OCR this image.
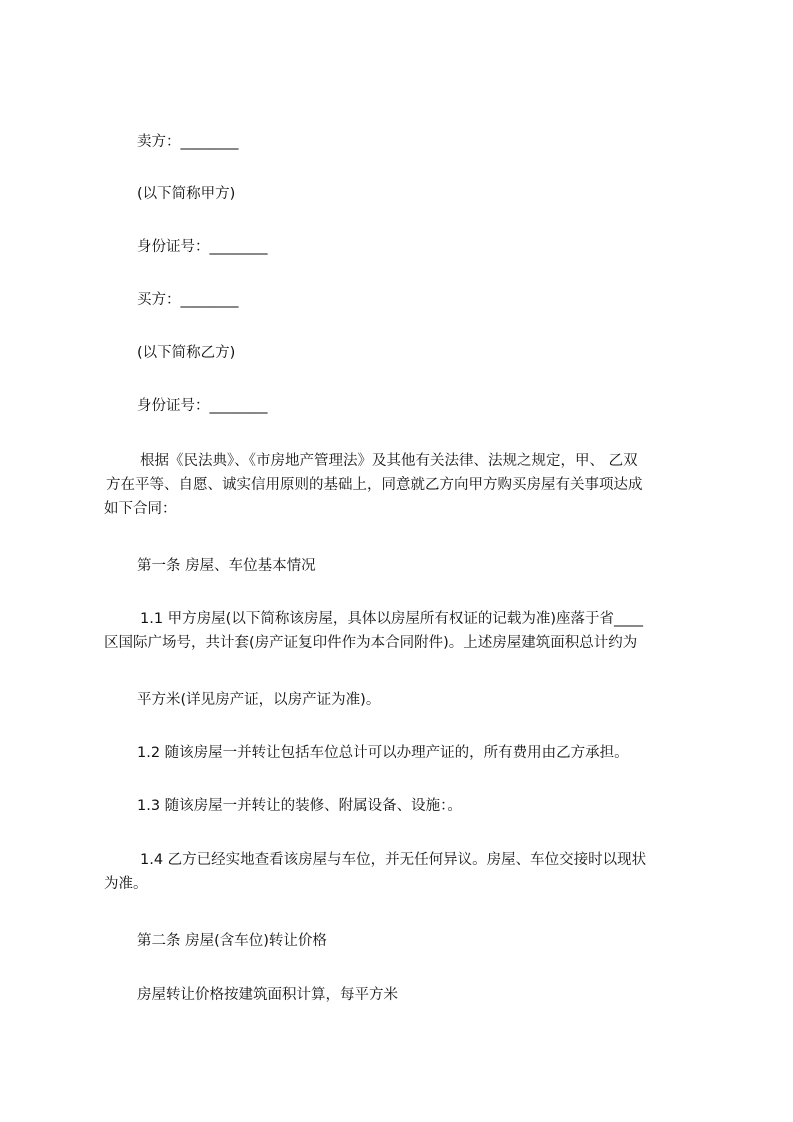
卖方：________
(以下简称甲方)
身份证号：________
买方：________
(以下简称乙方)
身份证号：________

根据《民法典》、《市房地产管理法》及其他有关法律、法规之规定，甲、 乙双

方在平等、自愿、诚实信用原则的基础上，同意就乙方向甲方购买房屋有关事项达成

如下合同：

第一条 房屋、车位基本情况

1.1 甲方房屋(以下简称该房屋，具体以房屋所有权证的记载为准)座落于省____

区国际广场号，共计套(房产证复印件作为本合同附件)。上述房屋建筑面积总计约为

平方米(详见房产证，以房产证为准)。
1.2 随该房屋一并转让包括车位总计可以办理产证的，所有费用由乙方承担。
1.3 随该房屋一并转让的装修、附属设备、设施：。

1.4 乙方已经实地查看该房屋与车位，并无任何异议。房屋、车位交接时以现状

为准。

第二条 房屋(含车位)转让价格
房屋转让价格按建筑面积计算，每平方米
